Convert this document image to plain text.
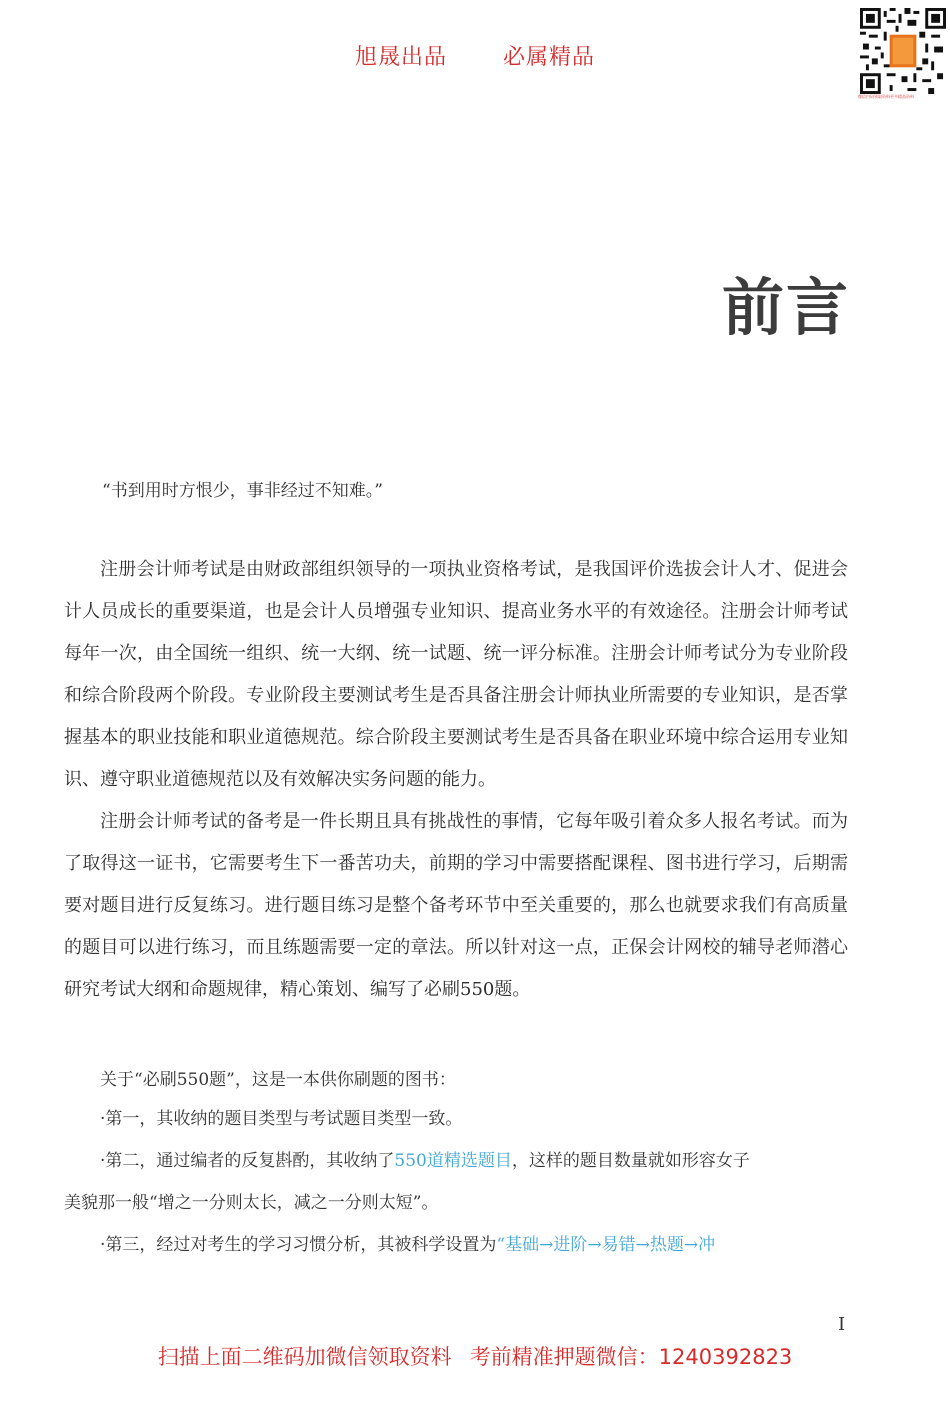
旭晟出品	必属精品
微信扫码领取资料更多精品资料
前言
“书到用时方恨少，事非经过不知难。”
注册会计师考试是由财政部组织领导的一项执业资格考试，是我国评价选拔会计人才、促进会计人员成长的重要渠道，也是会计人员增强专业知识、提高业务水平的有效途径。注册会计师考试每年一次，由全国统一组织、统一大纲、统一试题、统一评分标准。注册会计师考试分为专业阶段和综合阶段两个阶段。专业阶段主要测试考生是否具备注册会计师执业所需要的专业知识，是否掌握基本的职业技能和职业道德规范。综合阶段主要测试考生是否具备在职业环境中综合运用专业知识、遵守职业道德规范以及有效解决实务问题的能力。
注册会计师考试的备考是一件长期且具有挑战性的事情，它每年吸引着众多人报名考试。而为了取得这一证书，它需要考生下一番苦功夫，前期的学习中需要搭配课程、图书进行学习，后期需要对题目进行反复练习。进行题目练习是整个备考环节中至关重要的，那么也就要求我们有高质量的题目可以进行练习，而且练题需要一定的章法。所以针对这一点，正保会计网校的辅导老师潜心研究考试大纲和命题规律，精心策划、编写了必刷550题。
关于“必刷550题”，这是一本供你刷题的图书：
·第一，其收纳的题目类型与考试题目类型一致。
·第二，通过编者的反复斟酌，其收纳了550道精选题目，这样的题目数量就如形容女子
美貌那一般“增之一分则太长，减之一分则太短”。
·第三，经过对考生的学习习惯分析，其被科学设置为“基础→进阶→易错→热题→冲
I
扫描上面二维码加微信领取资料 考前精准押题微信：1240392823
